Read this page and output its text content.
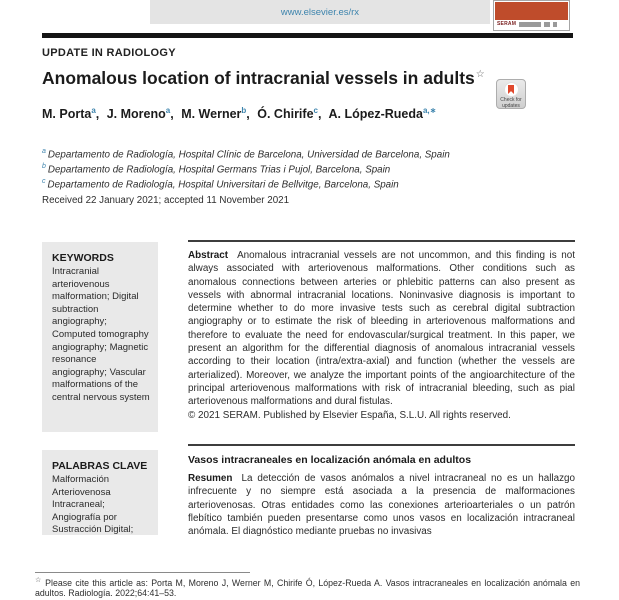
www.elsevier.es/rx
SERAM
UPDATE IN RADIOLOGY
Anomalous location of intracranial vessels in adults☆
Check for
updates
M. Porta$^a$, J. Moreno$^a$, M. Werner$^b$, Ó. Chirife$^c$, A. López-Rueda$^{a,∗}$
$^a$ Departamento de Radiología, Hospital Clínic de Barcelona, Universidad de Barcelona, Spain
$^b$ Departamento de Radiología, Hospital Germans Trias i Pujol, Barcelona, Spain
$^c$ Departamento de Radiología, Hospital Universitari de Bellvitge, Barcelona, Spain
Received 22 January 2021; accepted 11 November 2021
KEYWORDS
Intracranial arteriovenous malformation; Digital subtraction angiography; Computed tomography angiography; Magnetic resonance angiography; Vascular malformations of the central nervous system
PALABRAS CLAVE
Malformación Arteriovenosa Intracraneal; Angiografía por Sustracción Digital;
Abstract Anomalous intracranial vessels are not uncommon, and this finding is not always associated with arteriovenous malformations. Other conditions such as anomalous connections between arteries or phlebitic patterns can also present as vessels with abnormal intracranial locations. Noninvasive diagnosis is important to determine whether to do more invasive tests such as cerebral digital subtraction angiography or to estimate the risk of bleeding in arteriovenous malformations and therefore to evaluate the need for endovascular/surgical treatment. In this paper, we present an algorithm for the differential diagnosis of anomalous intracranial vessels according to their location (intra/extra-axial) and function (whether the vessels are arterialized). Moreover, we analyze the important points of the angioarchitecture of the principal arteriovenous malformations with risk of intracranial bleeding, such as pial arteriovenous malformations and dural fistulas.
© 2021 SERAM. Published by Elsevier España, S.L.U. All rights reserved.
Vasos intracraneales en localización anómala en adultos
Resumen La detección de vasos anómalos a nivel intracraneal no es un hallazgo infrecuente y no siempre está asociada a la presencia de malformaciones arteriovenosas. Otras entidades como las conexiones arterioarteriales o un patrón flebítico también pueden presentarse como unos vasos en localización intracraneal anómala. El diagnóstico mediante pruebas no invasivas
☆ Please cite this article as: Porta M, Moreno J, Werner M, Chirife Ó, López-Rueda A. Vasos intracraneales en localización anómala en adultos. Radiología. 2022;64:41–53.
